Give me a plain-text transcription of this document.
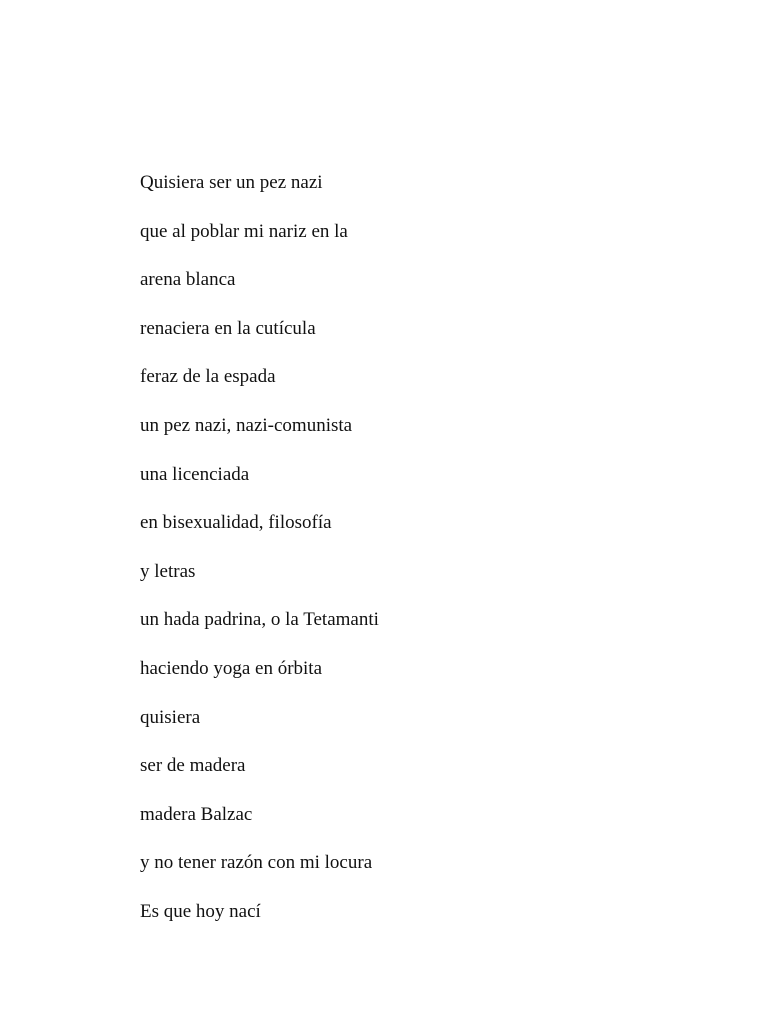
Quisiera ser un pez nazi
que al poblar mi nariz en la
arena blanca
renaciera en la cutícula
feraz de la espada
un pez nazi, nazi-comunista
una licenciada
en bisexualidad, filosofía
y letras
un hada padrina, o la Tetamanti
haciendo yoga en órbita
quisiera
ser de madera
madera Balzac
y no tener razón con mi locura
Es que hoy nací
